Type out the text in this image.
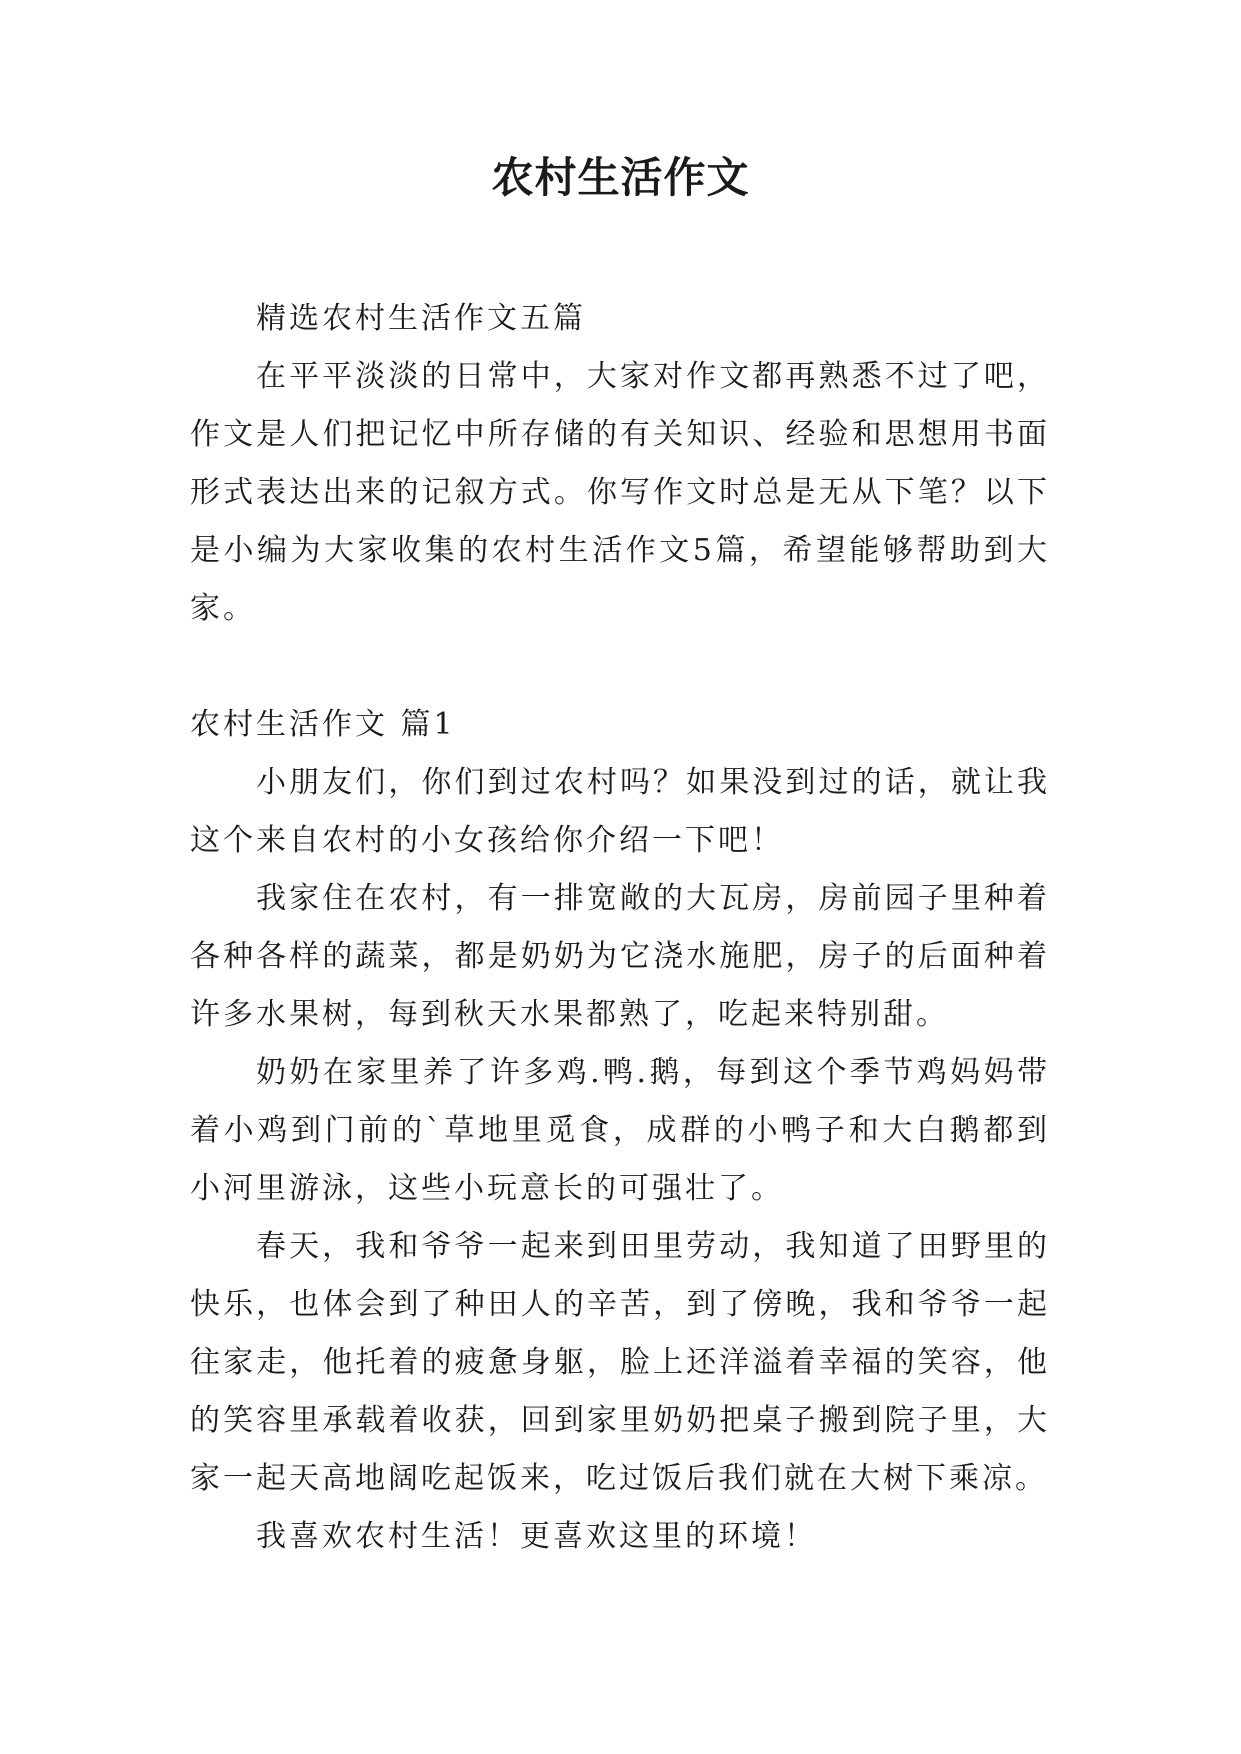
农村生活作文

精选农村生活作文五篇

在平平淡淡的日常中，大家对作文都再熟悉不过了吧，作文是人们把记忆中所存储的有关知识、经验和思想用书面形式表达出来的记叙方式。你写作文时总是无从下笔？以下是小编为大家收集的农村生活作文5篇，希望能够帮助到大家。

农村生活作文 篇1

小朋友们，你们到过农村吗？如果没到过的话，就让我这个来自农村的小女孩给你介绍一下吧！

我家住在农村，有一排宽敞的大瓦房，房前园子里种着各种各样的蔬菜，都是奶奶为它浇水施肥，房子的后面种着许多水果树，每到秋天水果都熟了，吃起来特别甜。

奶奶在家里养了许多鸡.鸭.鹅，每到这个季节鸡妈妈带着小鸡到门前的`草地里觅食，成群的小鸭子和大白鹅都到小河里游泳，这些小玩意长的可强壮了。

春天，我和爷爷一起来到田里劳动，我知道了田野里的快乐，也体会到了种田人的辛苦，到了傍晚，我和爷爷一起往家走，他托着的疲惫身躯，脸上还洋溢着幸福的笑容，他的笑容里承载着收获，回到家里奶奶把桌子搬到院子里，大家一起天高地阔吃起饭来，吃过饭后我们就在大树下乘凉。

我喜欢农村生活！更喜欢这里的环境！
